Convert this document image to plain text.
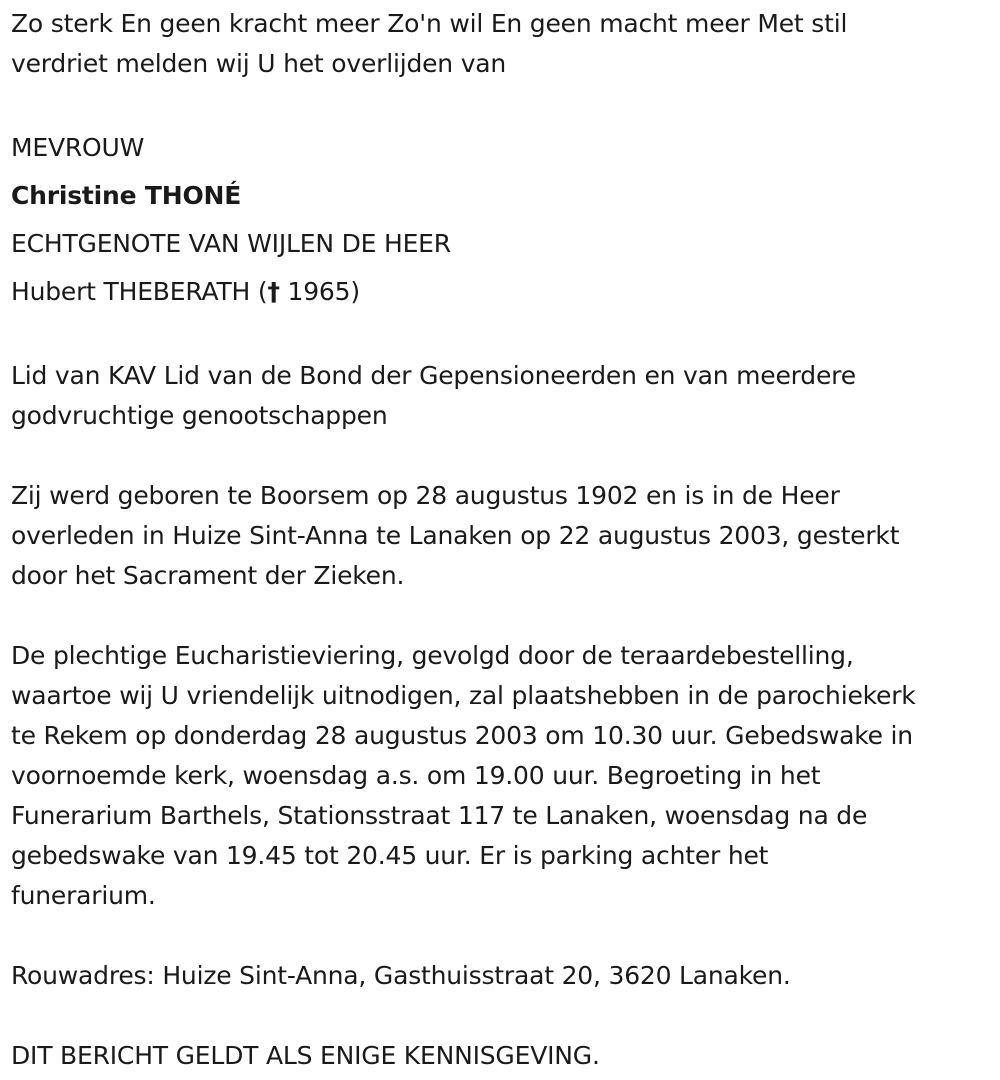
Zo sterk En geen kracht meer Zo'n wil En geen macht meer Met stil
verdriet melden wij U het overlijden van
MEVROUW
Christine THONÉ
ECHTGENOTE VAN WIJLEN DE HEER
Hubert THEBERATH († 1965)
Lid van KAV Lid van de Bond der Gepensioneerden en van meerdere
godvruchtige genootschappen
Zij werd geboren te Boorsem op 28 augustus 1902 en is in de Heer
overleden in Huize Sint-Anna te Lanaken op 22 augustus 2003, gesterkt
door het Sacrament der Zieken.
De plechtige Eucharistieviering, gevolgd door de teraardebestelling,
waartoe wij U vriendelijk uitnodigen, zal plaatshebben in de parochiekerk
te Rekem op donderdag 28 augustus 2003 om 10.30 uur. Gebedswake in
voornoemde kerk, woensdag a.s. om 19.00 uur. Begroeting in het
Funerarium Barthels, Stationsstraat 117 te Lanaken, woensdag na de
gebedswake van 19.45 tot 20.45 uur. Er is parking achter het
funerarium.
Rouwadres: Huize Sint-Anna, Gasthuisstraat 20, 3620 Lanaken.
DIT BERICHT GELDT ALS ENIGE KENNISGEVING.
